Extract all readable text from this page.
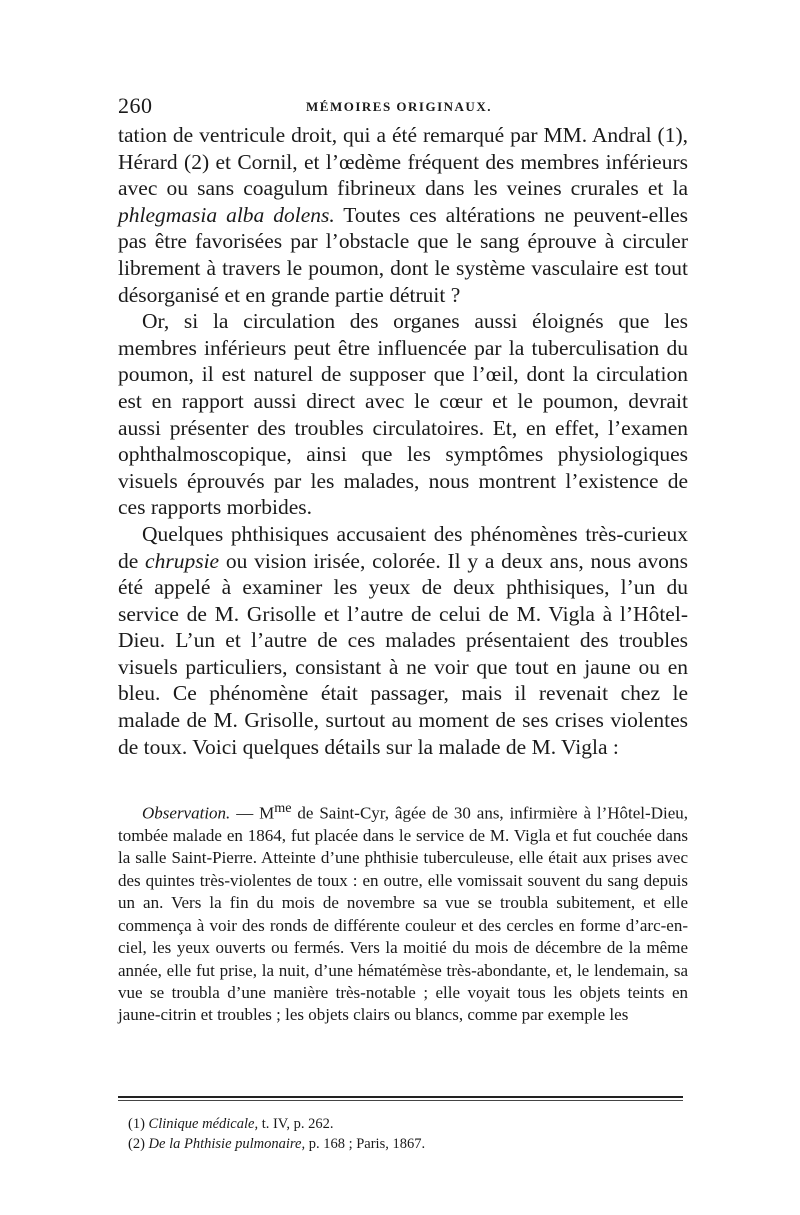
260	MÉMOIRES ORIGINAUX.

tation de ventricule droit, qui a été remarqué par MM. Andral (1), Hérard (2) et Cornil, et l’œdème fréquent des membres inférieurs avec ou sans coagulum fibrineux dans les veines crurales et la phlegmasia alba dolens. Toutes ces altérations ne peuvent-elles pas être favorisées par l’obstacle que le sang éprouve à circuler librement à travers le poumon, dont le système vasculaire est tout désorganisé et en grande partie détruit ?

Or, si la circulation des organes aussi éloignés que les membres inférieurs peut être influencée par la tuberculisation du poumon, il est naturel de supposer que l’œil, dont la circulation est en rapport aussi direct avec le cœur et le poumon, devrait aussi présenter des troubles circulatoires. Et, en effet, l’examen ophthalmoscopique, ainsi que les symptômes physiologiques visuels éprouvés par les malades, nous montrent l’existence de ces rapports morbides.

Quelques phthisiques accusaient des phénomènes très-curieux de chrupsie ou vision irisée, colorée. Il y a deux ans, nous avons été appelé à examiner les yeux de deux phthisiques, l’un du service de M. Grisolle et l’autre de celui de M. Vigla à l’Hôtel-Dieu. L’un et l’autre de ces malades présentaient des troubles visuels particuliers, consistant à ne voir que tout en jaune ou en bleu. Ce phénomène était passager, mais il revenait chez le malade de M. Grisolle, surtout au moment de ses crises violentes de toux. Voici quelques détails sur la malade de M. Vigla :

Observation. — $M^{me}$ de Saint-Cyr, âgée de 30 ans, infirmière à l’Hôtel-Dieu, tombée malade en 1864, fut placée dans le service de M. Vigla et fut couchée dans la salle Saint-Pierre. Atteinte d’une phthisie tuberculeuse, elle était aux prises avec des quintes très-violentes de toux : en outre, elle vomissait souvent du sang depuis un an. Vers la fin du mois de novembre sa vue se troubla subitement, et elle commença à voir des ronds de différente couleur et des cercles en forme d’arc-en-ciel, les yeux ouverts ou fermés. Vers la moitié du mois de décembre de la même année, elle fut prise, la nuit, d’une hématémèse très-abondante, et, le lendemain, sa vue se troubla d’une manière très-notable ; elle voyait tous les objets teints en jaune-citrin et troubles ; les objets clairs ou blancs, comme par exemple les

(1) Clinique médicale, t. IV, p. 262.
(2) De la Phthisie pulmonaire, p. 168 ; Paris, 1867.
